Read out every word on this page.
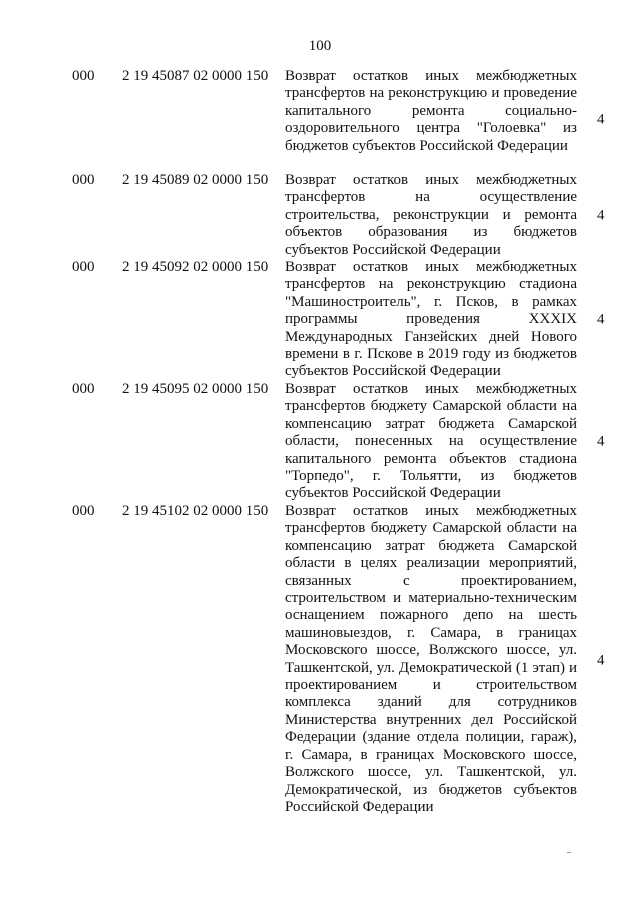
100
000 2 19 45087 02 0000 150 Возврат остатков иных межбюджетных трансфертов на реконструкцию и проведение капитального ремонта социально-оздоровительного центра "Голоевка" из бюджетов субъектов Российской Федерации
4
000 2 19 45089 02 0000 150 Возврат остатков иных межбюджетных трансфертов на осуществление строительства, реконструкции и ремонта объектов образования из бюджетов субъектов Российской Федерации
4
000 2 19 45092 02 0000 150 Возврат остатков иных межбюджетных трансфертов на реконструкцию стадиона "Машиностроитель", г. Псков, в рамках программы проведения XXXIX Международных Ганзейских дней Нового времени в г. Пскове в 2019 году из бюджетов субъектов Российской Федерации
4
000 2 19 45095 02 0000 150 Возврат остатков иных межбюджетных трансфертов бюджету Самарской области на компенсацию затрат бюджета Самарской области, понесенных на осуществление капитального ремонта объектов стадиона "Торпедо", г. Тольятти, из бюджетов субъектов Российской Федерации
4
000 2 19 45102 02 0000 150 Возврат остатков иных межбюджетных трансфертов бюджету Самарской области на компенсацию затрат бюджета Самарской области в целях реализации мероприятий, связанных с проектированием, строительством и материально-техническим оснащением пожарного депо на шесть машиновыездов, г. Самара, в границах Московского шоссе, Волжского шоссе, ул. Ташкентской, ул. Демократической (1 этап) и проектированием и строительством комплекса зданий для сотрудников Министерства внутренних дел Российской Федерации (здание отдела полиции, гараж), г. Самара, в границах Московского шоссе, Волжского шоссе, ул. Ташкентской, ул. Демократической, из бюджетов субъектов Российской Федерации
4
